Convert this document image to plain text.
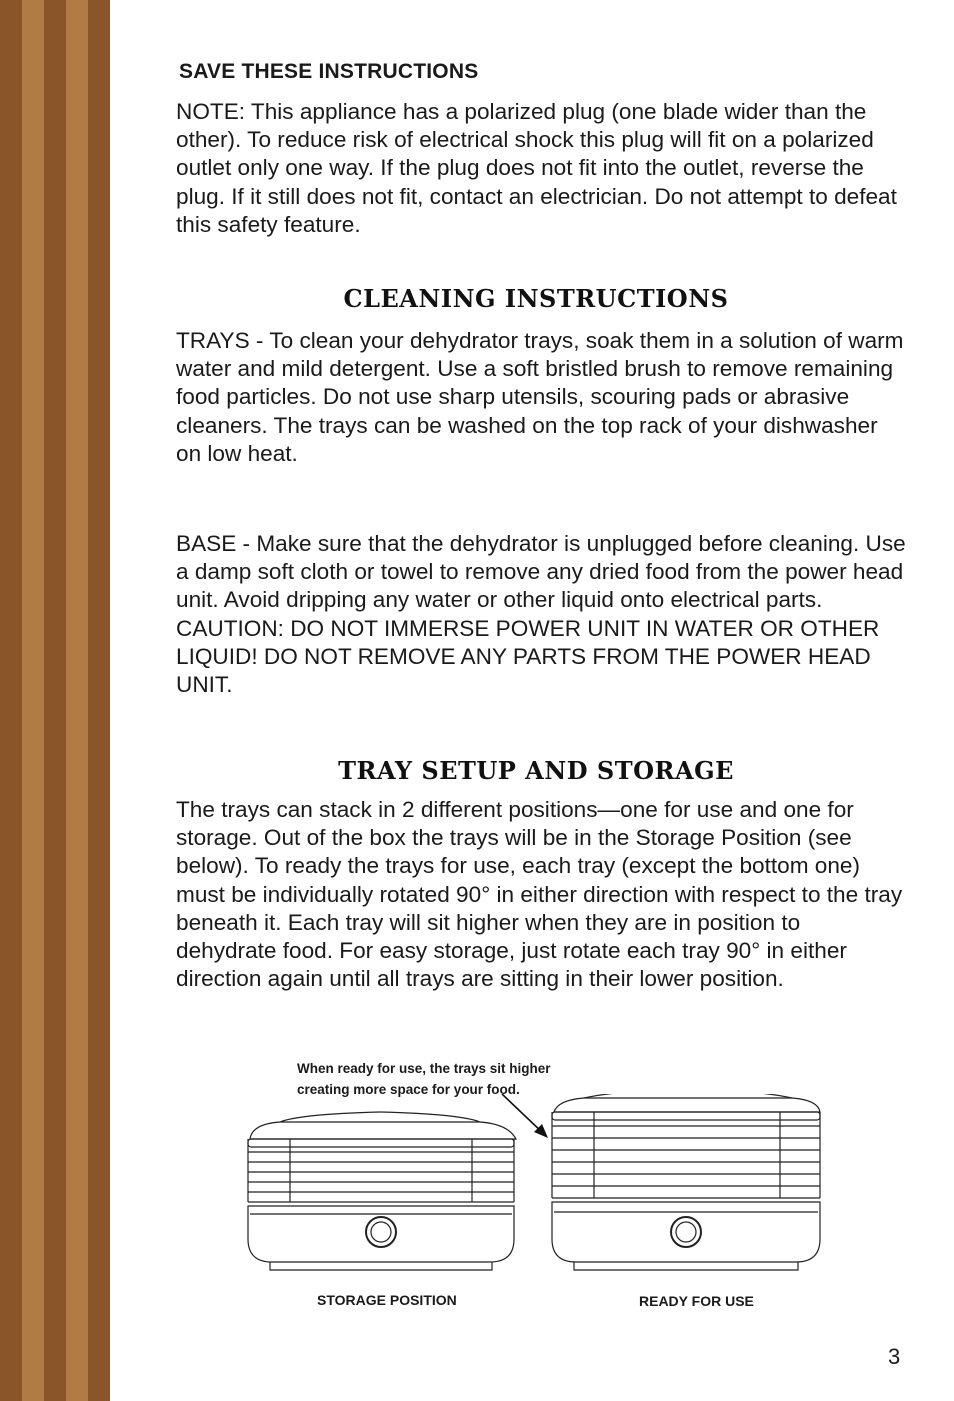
SAVE THESE INSTRUCTIONS

NOTE: This appliance has a polarized plug (one blade wider than the other). To reduce risk of electrical shock this plug will fit on a polarized outlet only one way. If the plug does not fit into the outlet, reverse the plug. If it still does not fit, contact an electrician. Do not attempt to defeat this safety feature.

CLEANING INSTRUCTIONS

TRAYS - To clean your dehydrator trays, soak them in a solution of warm water and mild detergent. Use a soft bristled brush to remove remaining food particles. Do not use sharp utensils, scouring pads or abrasive cleaners. The trays can be washed on the top rack of your dishwasher on low heat.

BASE - Make sure that the dehydrator is unplugged before cleaning. Use a damp soft cloth or towel to remove any dried food from the power head unit. Avoid dripping any water or other liquid onto electrical parts. CAUTION: DO NOT IMMERSE POWER UNIT IN WATER OR OTHER LIQUID! DO NOT REMOVE ANY PARTS FROM THE POWER HEAD UNIT.

TRAY SETUP AND STORAGE

The trays can stack in 2 different positions—one for use and one for storage. Out of the box the trays will be in the Storage Position (see below). To ready the trays for use, each tray (except the bottom one) must be individually rotated 90° in either direction with respect to the tray beneath it. Each tray will sit higher when they are in position to dehydrate food. For easy storage, just rotate each tray 90° in either direction again until all trays are sitting in their lower position.

When ready for use, the trays sit higher
creating more space for your food.
STORAGE POSITION	READY FOR USE
3
